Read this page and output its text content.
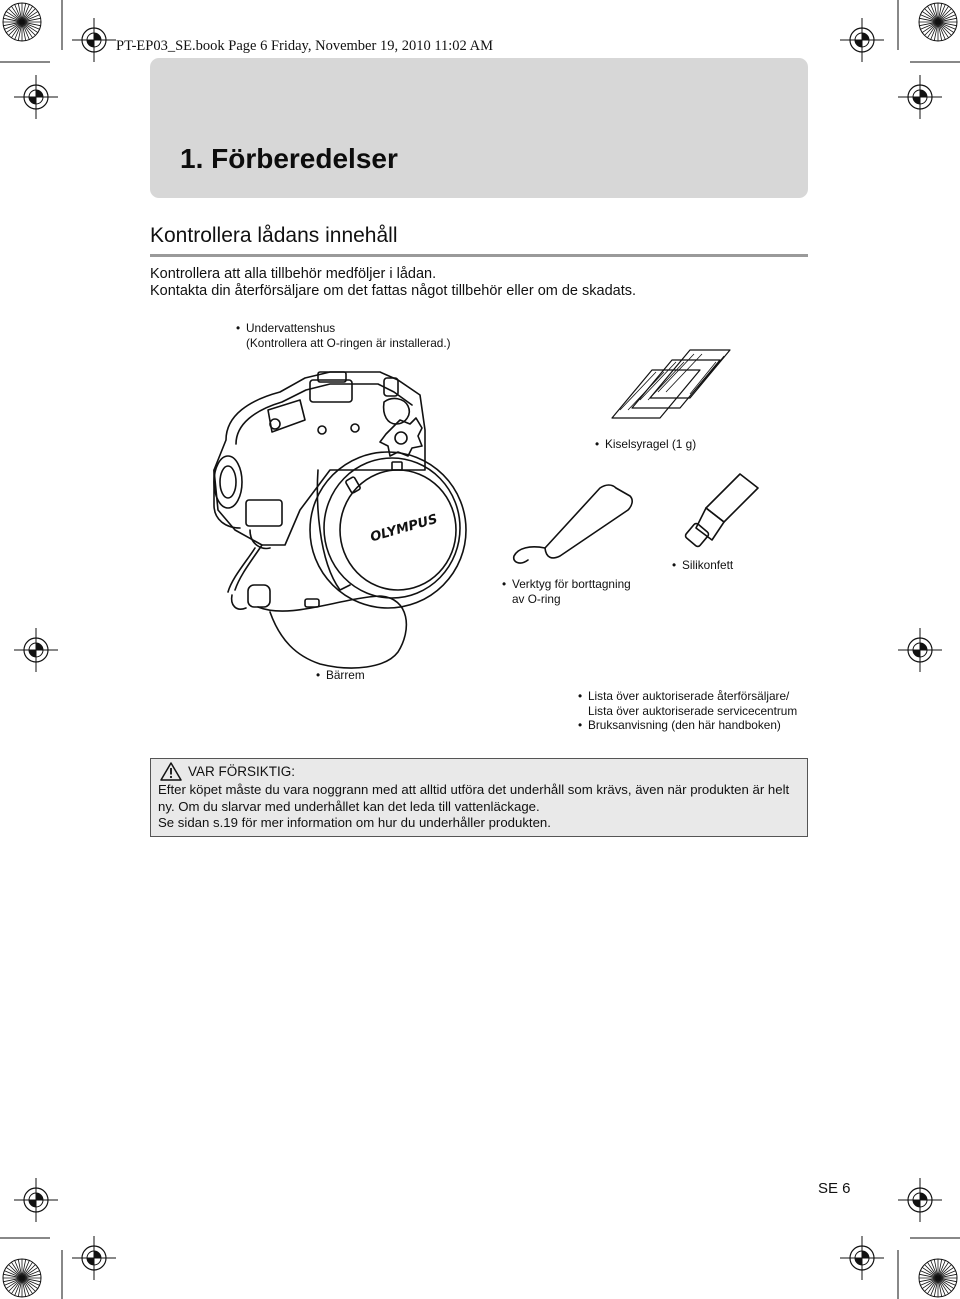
PT-EP03_SE.book Page 6 Friday, November 19, 2010 11:02 AM
1. Förberedelser
Kontrollera lådans innehåll
Kontrollera att alla tillbehör medföljer i lådan.
Kontakta din återförsäljare om det fattas något tillbehör eller om de skadats.
• Undervattenshus
(Kontrollera att O-ringen är installerad.)
• Kiselsyragel (1 g)
• Verktyg för borttagning
av O-ring
• Silikonfett
• Bärrem
• Lista över auktoriserade återförsäljare/
Lista över auktoriserade servicecentrum
• Bruksanvisning (den här handboken)
OLYMPUS
VAR FÖRSIKTIG:
Efter köpet måste du vara noggrann med att alltid utföra det underhåll som krävs, även när produkten är helt
ny. Om du slarvar med underhållet kan det leda till vattenläckage.
Se sidan s.19 för mer information om hur du underhåller produkten.
SE 6
